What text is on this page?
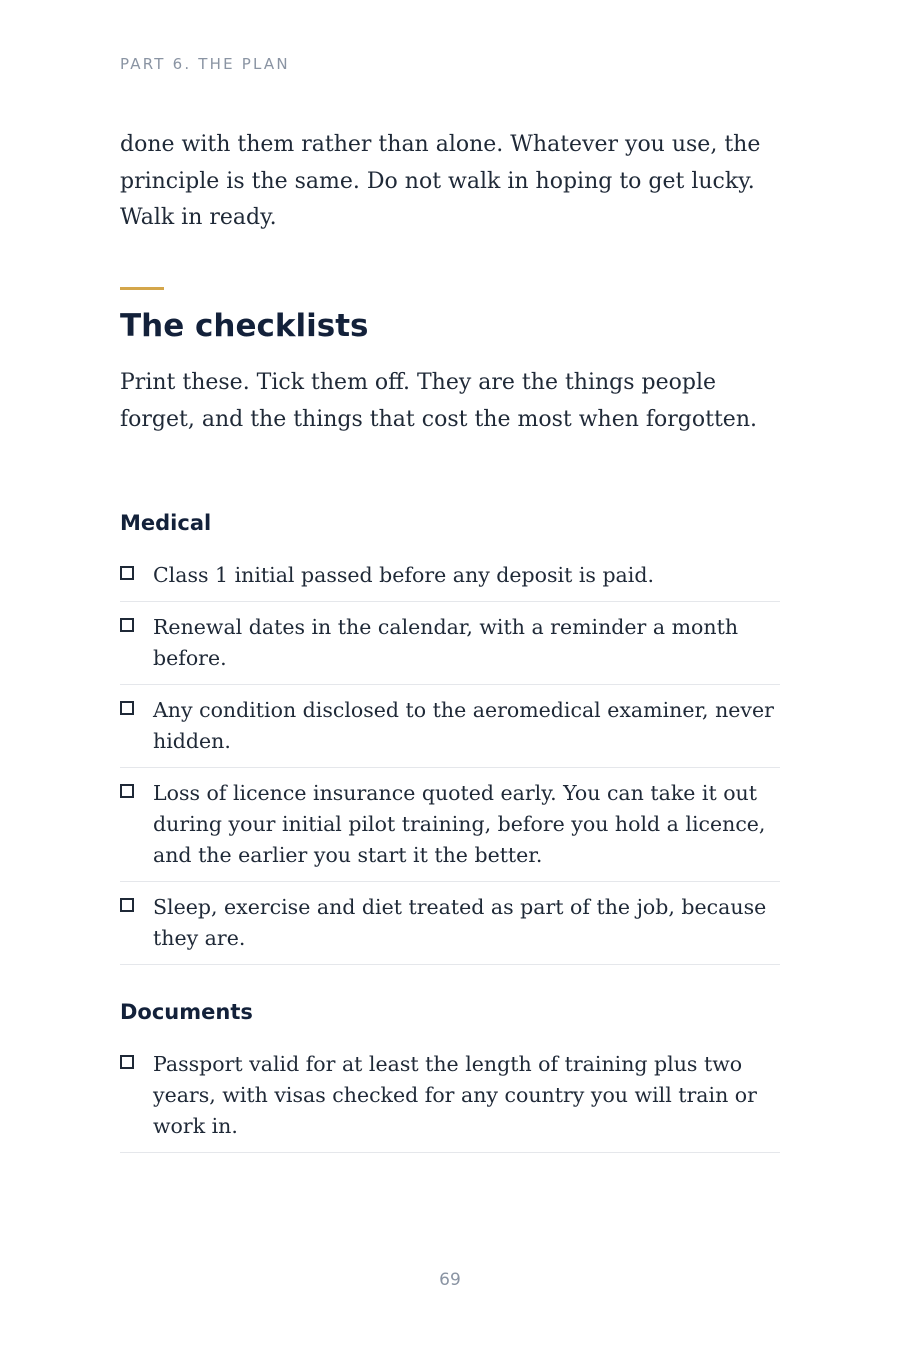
PART 6. THE PLAN

done with them rather than alone. Whatever you use, the principle is the same. Do not walk in hoping to get lucky. Walk in ready.

The checklists

Print these. Tick them off. They are the things people forget, and the things that cost the most when forgotten.

Medical
Class 1 initial passed before any deposit is paid.
Renewal dates in the calendar, with a reminder a month before.
Any condition disclosed to the aeromedical examiner, never hidden.
Loss of licence insurance quoted early. You can take it out during your initial pilot training, before you hold a licence, and the earlier you start it the better.
Sleep, exercise and diet treated as part of the job, because they are.
Documents
Passport valid for at least the length of training plus two years, with visas checked for any country you will train or work in.
69
